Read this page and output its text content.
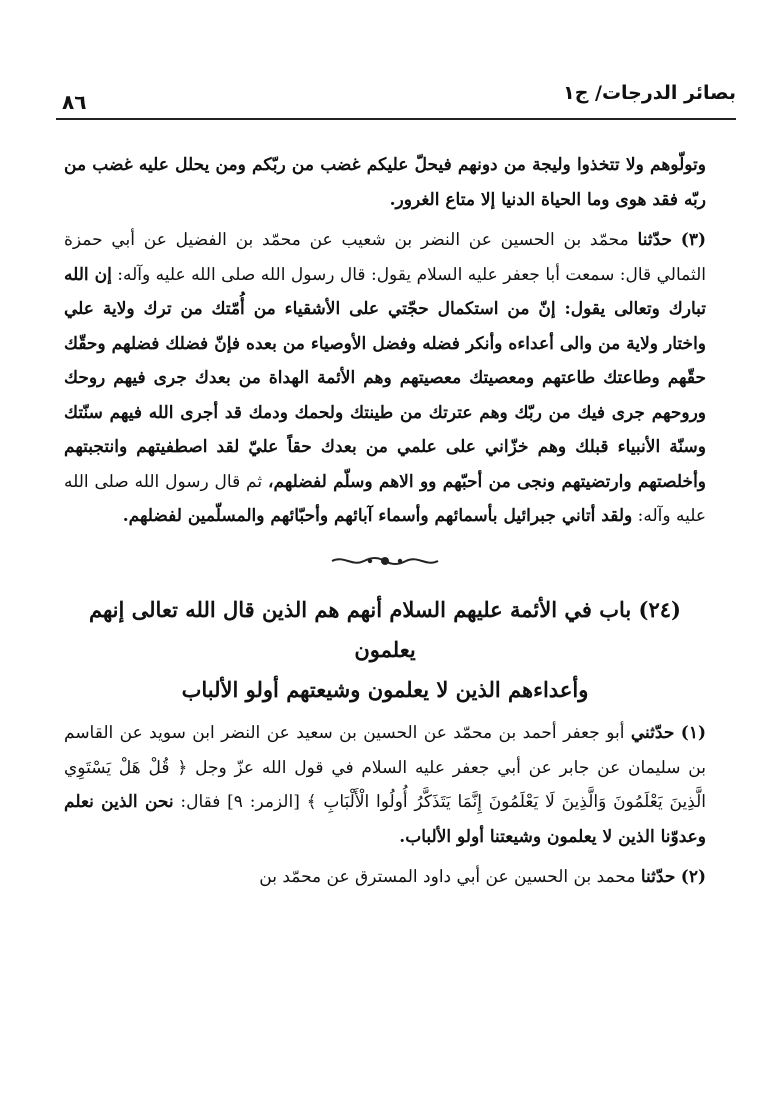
بصائر الدرجات/ ج١
٨٦

وتولّوهم ولا تتخذوا وليجة من دونهم فيحلّ عليكم غضب من ربّكم ومن يحلل عليه غضب من ربّه فقد هوى وما الحياة الدنيا إلا متاع الغرور.

(٣) حدّثنا محمّد بن الحسين عن النضر بن شعيب عن محمّد بن الفضيل عن أبي حمزة الثمالي قال: سمعت أبا جعفر عليه السلام يقول: قال رسول الله صلى الله عليه وآله: إن الله تبارك وتعالى يقول: إنّ من استكمال حجّتي على الأشقياء من أُمّتك من ترك ولاية علي واختار ولاية من والى أعداءه وأنكر فضله وفضل الأوصياء من بعده فإنّ فضلك فضلهم وحقّك حقّهم وطاعتك طاعتهم ومعصيتك معصيتهم وهم الأئمة الهداة من بعدك جرى فيهم روحك وروحهم جرى فيك من ربّك وهم عترتك من طينتك ولحمك ودمك قد أجرى الله فيهم سنّتك وسنّة الأنبياء قبلك وهم خزّاني على علمي من بعدك حقاً عليّ لقد اصطفيتهم وانتجبتهم وأخلصتهم وارتضيتهم ونجى من أحبّهم وو الاهم وسلّم لفضلهم، ثم قال رسول الله صلى الله عليه وآله: ولقد أتاني جبرائيل بأسمائهم وأسماء آبائهم وأحبّائهم والمسلّمين لفضلهم.

(٢٤) باب في الأئمة عليهم السلام أنهم هم الذين قال الله تعالى إنهم يعلمون
وأعداءهم الذين لا يعلمون وشيعتهم أولو الألباب

(١) حدّثني أبو جعفر أحمد بن محمّد عن الحسين بن سعيد عن النضر ابن سويد عن القاسم بن سليمان عن جابر عن أبي جعفر عليه السلام في قول الله عزّ وجل ﴿ قُلْ هَلْ يَسْتَوِي الَّذِينَ يَعْلَمُونَ وَالَّذِينَ لَا يَعْلَمُونَ إِنَّمَا يَتَذَكَّرُ أُولُوا الْأَلْبَابِ ﴾ [الزمر: ٩] فقال: نحن الذين نعلم وعدوّنا الذين لا يعلمون وشيعتنا أولو الألباب.

(٢) حدّثنا محمد بن الحسين عن أبي داود المسترق عن محمّد بن
